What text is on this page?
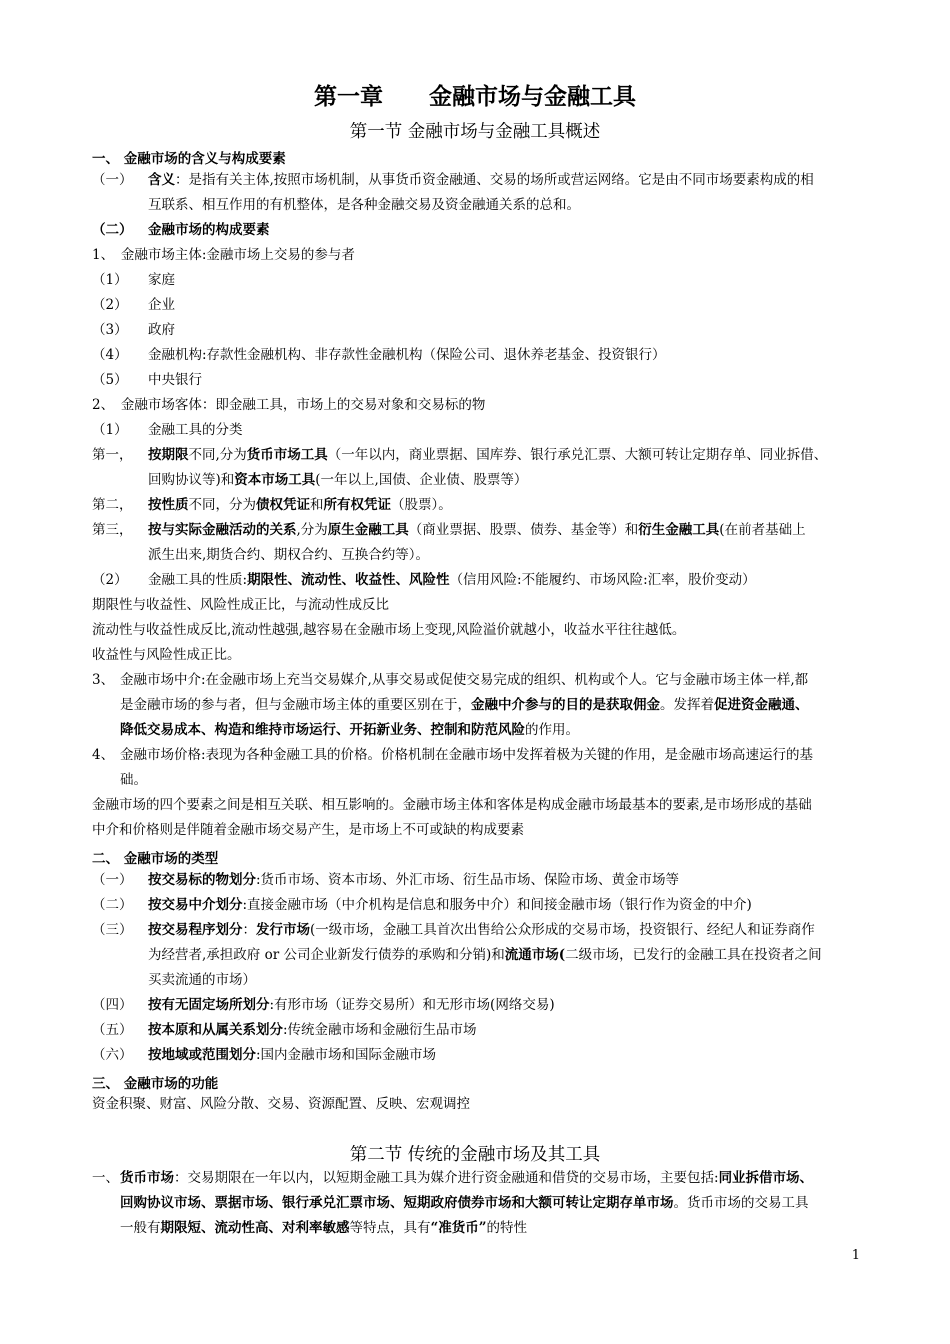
第一章　　金融市场与金融工具
第一节 金融市场与金融工具概述
一、 金融市场的含义与构成要素
（一） 含义：是指有关主体,按照市场机制，从事货币资金融通、交易的场所或营运网络。它是由不同市场要素构成的相
互联系、相互作用的有机整体，是各种金融交易及资金融通关系的总和。
（二） 金融市场的构成要素
1、　金融市场主体:金融市场上交易的参与者
（1） 家庭
（2） 企业
（3） 政府
（4） 金融机构:存款性金融机构、非存款性金融机构（保险公司、退休养老基金、投资银行）
（5） 中央银行
2、　金融市场客体：即金融工具，市场上的交易对象和交易标的物
（1） 金融工具的分类
第一， 按期限不同,分为货币市场工具（一年以内，商业票据、国库券、银行承兑汇票、大额可转让定期存单、同业拆借、
回购协议等)和资本市场工具(一年以上,国债、企业债、股票等）
第二， 按性质不同，分为债权凭证和所有权凭证（股票）。
第三， 按与实际金融活动的关系,分为原生金融工具（商业票据、股票、债券、基金等）和衍生金融工具(在前者基础上
派生出来,期货合约、期权合约、互换合约等）。
（2） 金融工具的性质:期限性、流动性、收益性、风险性（信用风险:不能履约、市场风险:汇率，股价变动）
期限性与收益性、风险性成正比，与流动性成反比
流动性与收益性成反比,流动性越强,越容易在金融市场上变现,风险溢价就越小，收益水平往往越低。
收益性与风险性成正比。
3、 金融市场中介:在金融市场上充当交易媒介,从事交易或促使交易完成的组织、机构或个人。它与金融市场主体一样,都
是金融市场的参与者，但与金融市场主体的重要区别在于，金融中介参与的目的是获取佣金。发挥着促进资金融通、
降低交易成本、构造和维持市场运行、开拓新业务、控制和防范风险的作用。
4、 金融市场价格:表现为各种金融工具的价格。价格机制在金融市场中发挥着极为关键的作用，是金融市场高速运行的基
础。
金融市场的四个要素之间是相互关联、相互影响的。金融市场主体和客体是构成金融市场最基本的要素,是市场形成的基础
中介和价格则是伴随着金融市场交易产生，是市场上不可或缺的构成要素
二、 金融市场的类型
（一） 按交易标的物划分:货币市场、资本市场、外汇市场、衍生品市场、保险市场、黄金市场等
（二） 按交易中介划分:直接金融市场（中介机构是信息和服务中介）和间接金融市场（银行作为资金的中介)
（三） 按交易程序划分：发行市场(一级市场，金融工具首次出售给公众形成的交易市场，投资银行、经纪人和证券商作
为经营者,承担政府 or 公司企业新发行债券的承购和分销)和流通市场(二级市场，已发行的金融工具在投资者之间
买卖流通的市场）
（四） 按有无固定场所划分:有形市场（证券交易所）和无形市场(网络交易)
（五） 按本原和从属关系划分:传统金融市场和金融衍生品市场
（六） 按地域或范围划分:国内金融市场和国际金融市场
三、 金融市场的功能
资金积聚、财富、风险分散、交易、资源配置、反映、宏观调控
第二节 传统的金融市场及其工具
一、 货币市场：交易期限在一年以内，以短期金融工具为媒介进行资金融通和借贷的交易市场，主要包括:同业拆借市场、
回购协议市场、票据市场、银行承兑汇票市场、短期政府债券市场和大额可转让定期存单市场。货币市场的交易工具
一般有期限短、流动性高、对利率敏感等特点，具有“准货币”的特性
1
